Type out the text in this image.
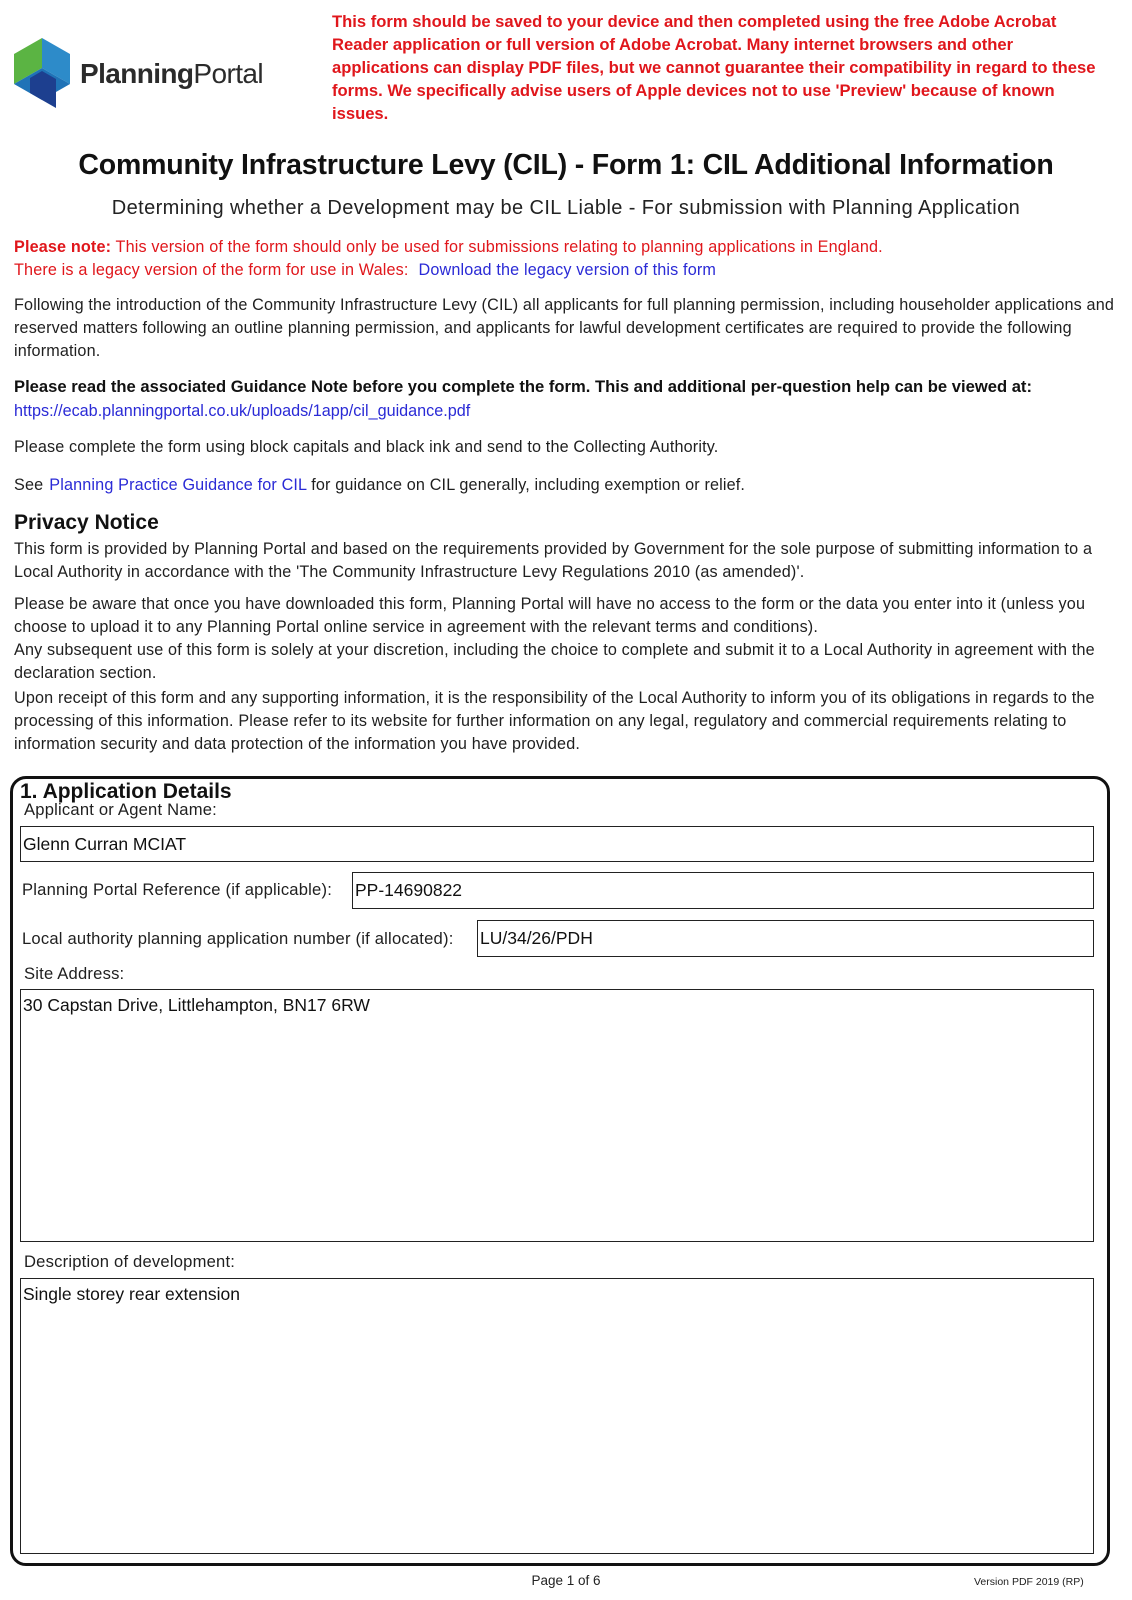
PlanningPortal
This form should be saved to your device and then completed using the free Adobe Acrobat Reader application or full version of Adobe Acrobat. Many internet browsers and other applications can display PDF files, but we cannot guarantee their compatibility in regard to these forms. We specifically advise users of Apple devices not to use 'Preview' because of known issues.
Community Infrastructure Levy (CIL) - Form 1: CIL Additional Information
Determining whether a Development may be CIL Liable - For submission with Planning Application
Please note: This version of the form should only be used for submissions relating to planning applications in England.
There is a legacy version of the form for use in Wales: Download the legacy version of this form
Following the introduction of the Community Infrastructure Levy (CIL) all applicants for full planning permission, including householder applications and reserved matters following an outline planning permission, and applicants for lawful development certificates are required to provide the following information.
Please read the associated Guidance Note before you complete the form. This and additional per-question help can be viewed at:
https://ecab.planningportal.co.uk/uploads/1app/cil_guidance.pdf
Please complete the form using block capitals and black ink and send to the Collecting Authority.
See Planning Practice Guidance for CIL for guidance on CIL generally, including exemption or relief.
Privacy Notice
This form is provided by Planning Portal and based on the requirements provided by Government for the sole purpose of submitting information to a Local Authority in accordance with the 'The Community Infrastructure Levy Regulations 2010 (as amended)'.
Please be aware that once you have downloaded this form, Planning Portal will have no access to the form or the data you enter into it (unless you choose to upload it to any Planning Portal online service in agreement with the relevant terms and conditions).
Any subsequent use of this form is solely at your discretion, including the choice to complete and submit it to a Local Authority in agreement with the declaration section.
Upon receipt of this form and any supporting information, it is the responsibility of the Local Authority to inform you of its obligations in regards to the processing of this information. Please refer to its website for further information on any legal, regulatory and commercial requirements relating to information security and data protection of the information you have provided.
1. Application Details
Applicant or Agent Name:
Glenn Curran MCIAT
Planning Portal Reference (if applicable):
PP-14690822
Local authority planning application number (if allocated):
LU/34/26/PDH
Site Address:
30 Capstan Drive, Littlehampton, BN17 6RW
Description of development:
Single storey rear extension
Page 1 of 6	Version PDF 2019 (RP)
